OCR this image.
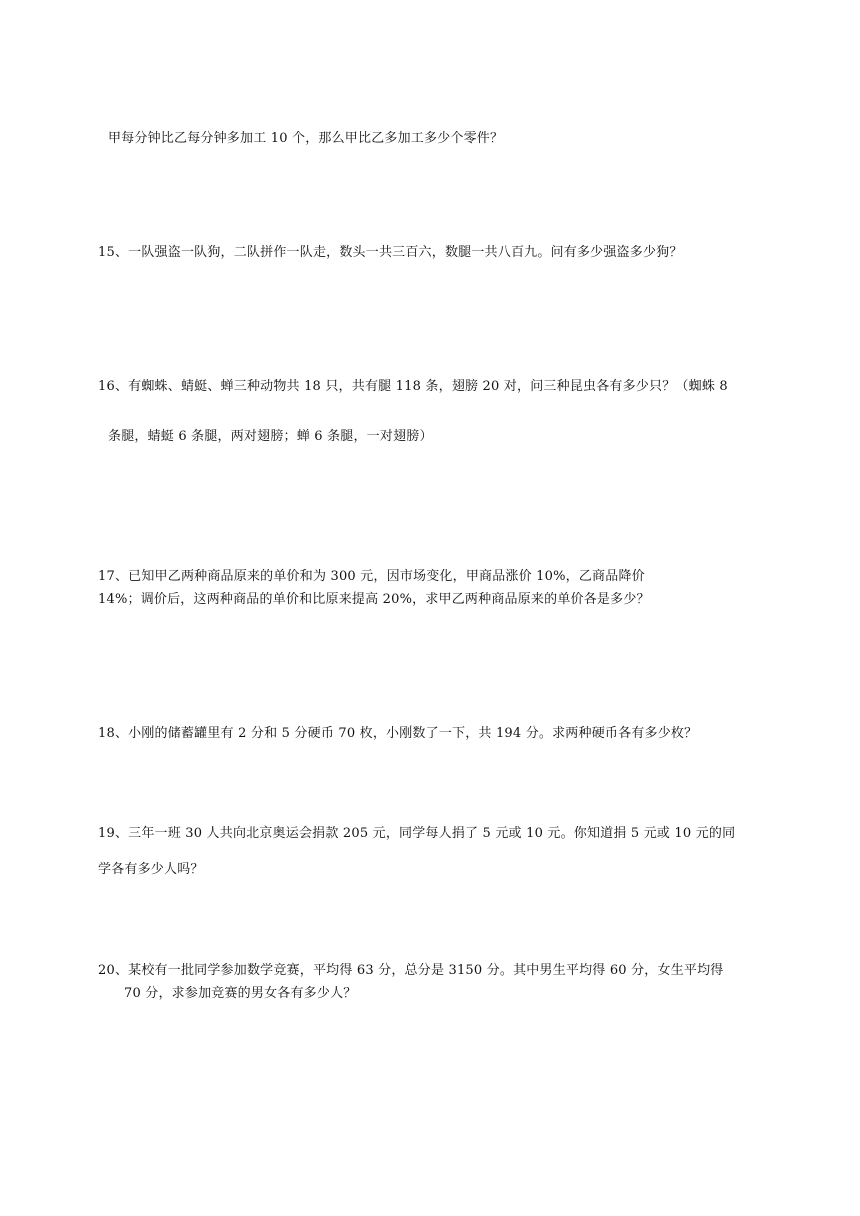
甲每分钟比乙每分钟多加工 10 个，那么甲比乙多加工多少个零件？
15、一队强盗一队狗，二队拼作一队走，数头一共三百六，数腿一共八百九。问有多少强盗多少狗？
16、有蜘蛛、蜻蜓、蝉三种动物共 18 只，共有腿 118 条，翅膀 20 对，问三种昆虫各有多少只？（蜘蛛 8
条腿，蜻蜓 6 条腿，两对翅膀；蝉 6 条腿，一对翅膀）
17、已知甲乙两种商品原来的单价和为 300 元，因市场变化，甲商品涨价 10%，乙商品降价
14%；调价后，这两种商品的单价和比原来提高 20%，求甲乙两种商品原来的单价各是多少？
18、小刚的储蓄罐里有 2 分和 5 分硬币 70 枚，小刚数了一下，共 194 分。求两种硬币各有多少枚？
19、三年一班 30 人共向北京奥运会捐款 205 元，同学每人捐了 5 元或 10 元。你知道捐 5 元或 10 元的同
学各有多少人吗？
20、某校有一批同学参加数学竞赛，平均得 63 分，总分是 3150 分。其中男生平均得 60 分，女生平均得
70 分，求参加竞赛的男女各有多少人？
